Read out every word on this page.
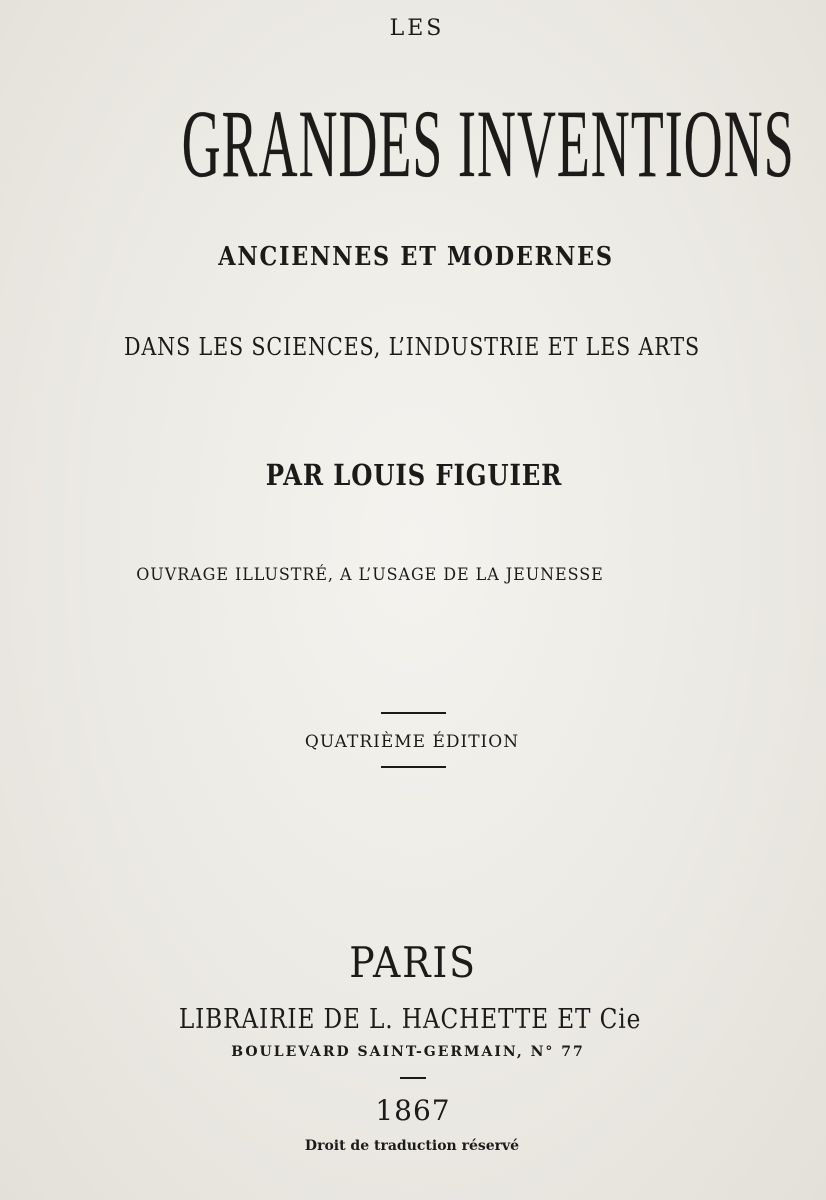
LES
GRANDES INVENTIONS
ANCIENNES ET MODERNES
DANS LES SCIENCES, L’INDUSTRIE ET LES ARTS
PAR LOUIS FIGUIER
OUVRAGE ILLUSTRÉ, A L’USAGE DE LA JEUNESSE
QUATRIÈME ÉDITION
PARIS
LIBRAIRIE DE L. HACHETTE ET Cie
BOULEVARD SAINT-GERMAIN, N° 77
1867
Droit de traduction réservé
